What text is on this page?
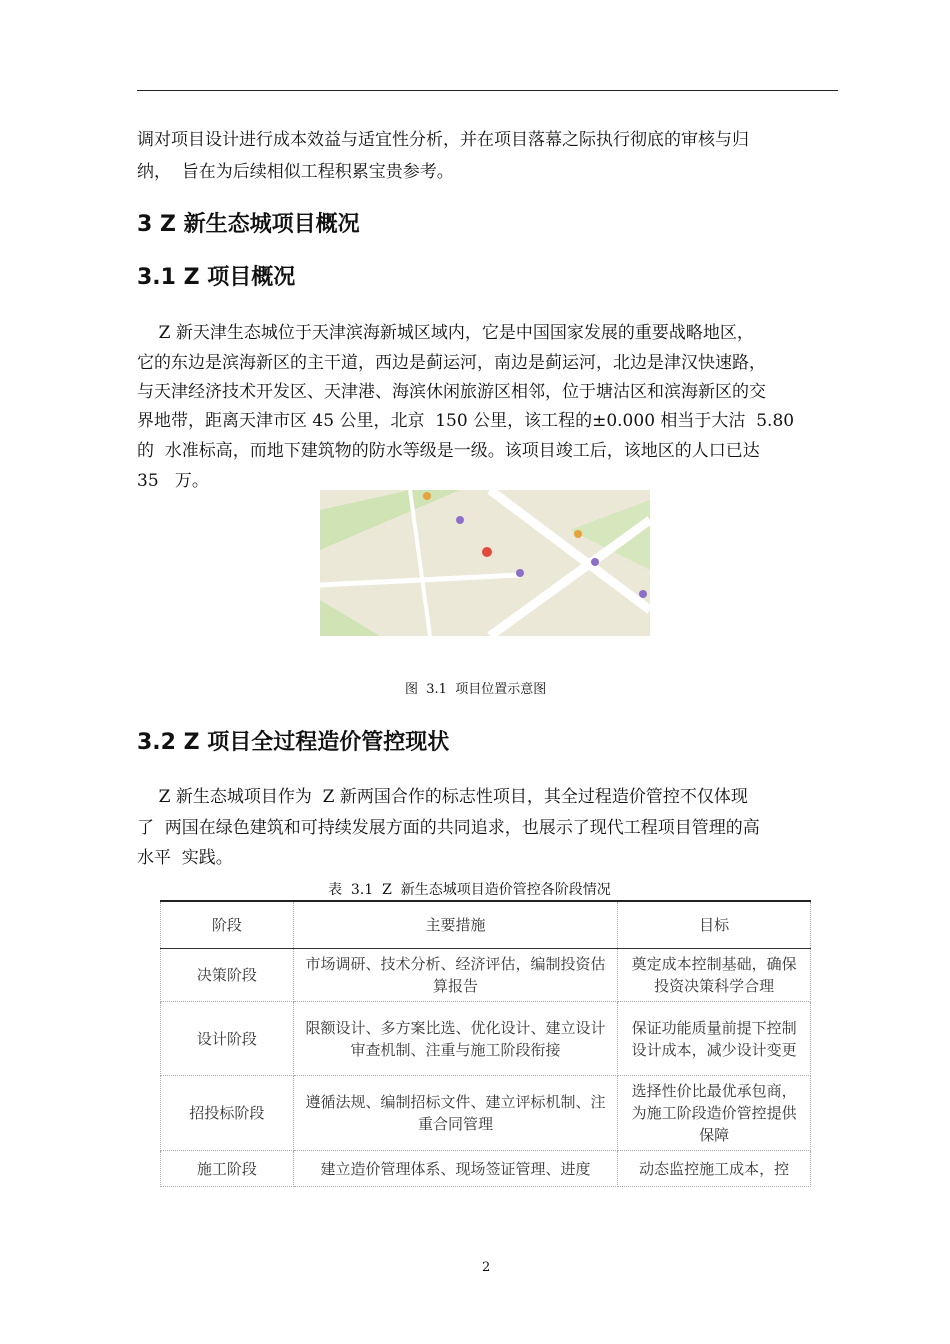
调对项目设计进行成本效益与适宜性分析，并在项目落幕之际执行彻底的审核与归
纳，  旨在为后续相似工程积累宝贵参考。
3 Z 新生态城项目概况
3.1 Z 项目概况
Z 新天津生态城位于天津滨海新城区域内，它是中国国家发展的重要战略地区，
它的东边是滨海新区的主干道，西边是蓟运河，南边是蓟运河，北边是津汉快速路，
与天津经济技术开发区、天津港、海滨休闲旅游区相邻，位于塘沽区和滨海新区的交
界地带，距离天津市区 45 公里，北京  150 公里，该工程的±0.000 相当于大沽  5.80
的  水准标高，而地下建筑物的防水等级是一级。该项目竣工后，该地区的人口已达
35   万。
图  3.1  项目位置示意图
3.2 Z 项目全过程造价管控现状
Z 新生态城项目作为  Z 新两国合作的标志性项目，其全过程造价管控不仅体现
了  两国在绿色建筑和可持续发展方面的共同追求，也展示了现代工程项目管理的高
水平  实践。
表  3.1  Z  新生态城项目造价管控各阶段情况
阶段	主要措施	目标
决策阶段	市场调研、技术分析、经济评估，编制投资估算报告	奠定成本控制基础，确保投资决策科学合理
设计阶段	限额设计、多方案比选、优化设计、建立设计审查机制、注重与施工阶段衔接	保证功能质量前提下控制设计成本，减少设计变更
招投标阶段	遵循法规、编制招标文件、建立评标机制、注重合同管理	选择性价比最优承包商，为施工阶段造价管控提供保障
施工阶段	建立造价管理体系、现场签证管理、进度	动态监控施工成本，控
2
